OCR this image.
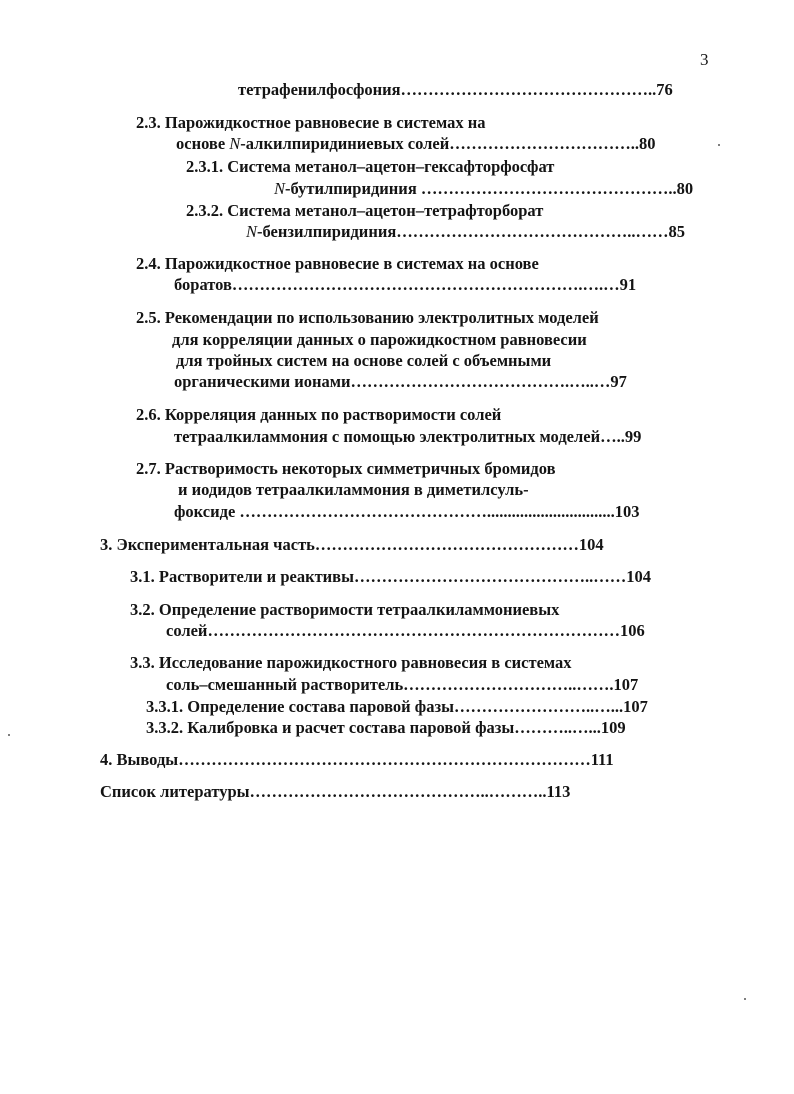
3

тетрафенилфосфония………………………………………..76

2.3. Парожидкостное равновесие в системах на

основе N-алкилпиридиниевых солей……………………………..80

2.3.1. Система метанол–ацетон–гексафторфосфат

N-бутилпиридиния ………………………………………..80

2.3.2. Система метанол–ацетон–тетрафторборат

N-бензилпиридиния……………………………………..……85

2.4. Парожидкостное равновесие в системах на основе

боратов……………………………………………………….….…91

2.5. Рекомендации по использованию электролитных моделей

для корреляции данных о парожидкостном равновесии

для тройных систем на основе солей с объемными

органическими ионами………………………………….…..…97

2.6. Корреляция данных по растворимости солей

тетраалкиламмония с помощью электролитных моделей…..99

2.7. Растворимость некоторых симметричных бромидов

и иодидов тетраалкиламмония в диметилсуль-

фоксиде ………………………………………...............................103

3. Экспериментальная часть…………………………………………104

3.1. Растворители и реактивы……………………………………..……104

3.2. Определение растворимости тетраалкиламмониевых

солей…………………………………………………………………106

3.3. Исследование парожидкостного равновесия в системах

соль–смешанный растворитель…………………………..…….107

3.3.1. Определение состава паровой фазы……………………..…...107

3.3.2. Калибровка и расчет состава паровой фазы………..…...109

4. Выводы…………………………………………………………………111

Список литературы……………………………………..………..113
